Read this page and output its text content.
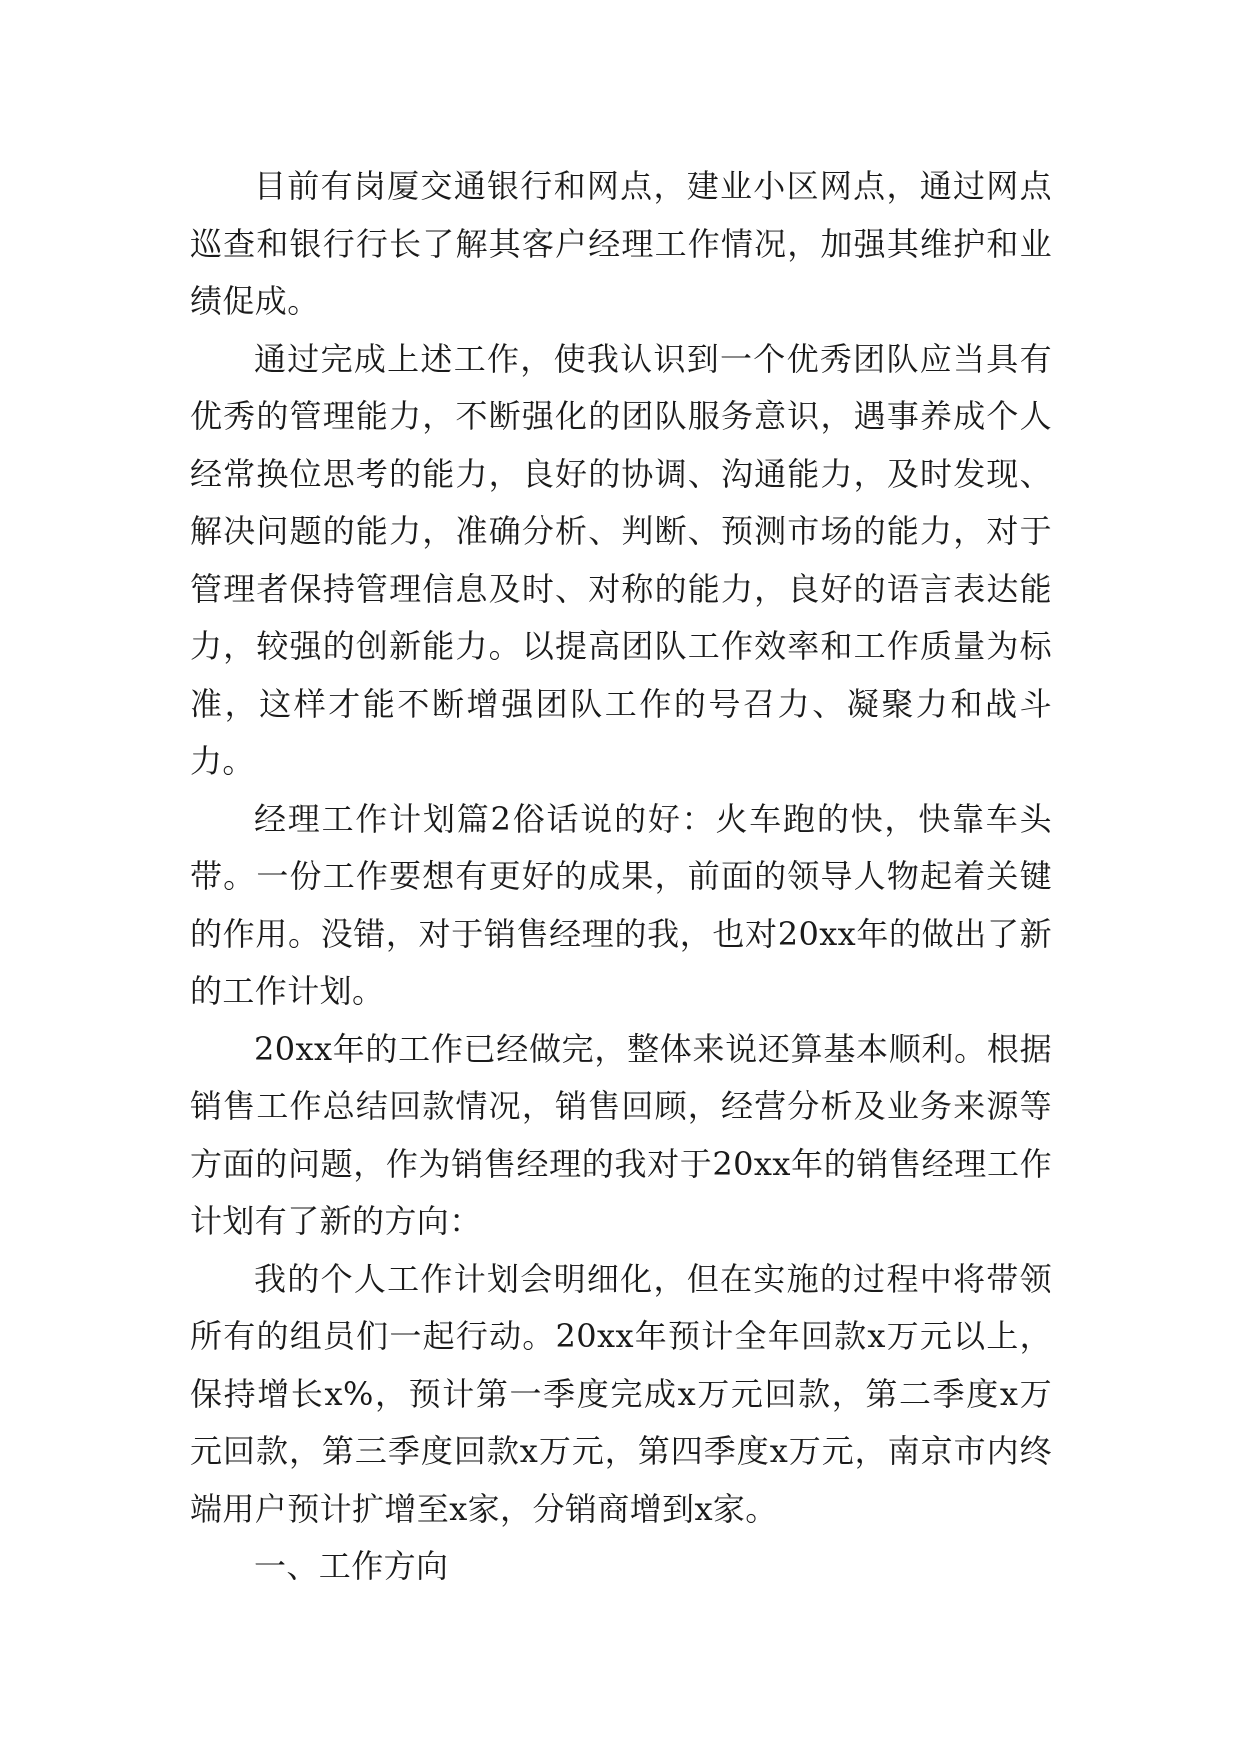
目前有岗厦交通银行和网点，建业小区网点，通过网点巡查和银行行长了解其客户经理工作情况，加强其维护和业绩促成。

通过完成上述工作，使我认识到一个优秀团队应当具有优秀的管理能力，不断强化的团队服务意识，遇事养成个人经常换位思考的能力，良好的协调、沟通能力，及时发现、解决问题的能力，准确分析、判断、预测市场的能力，对于管理者保持管理信息及时、对称的能力，良好的语言表达能力，较强的创新能力。以提高团队工作效率和工作质量为标准，这样才能不断增强团队工作的号召力、凝聚力和战斗力。

经理工作计划篇2俗话说的好：火车跑的快，快靠车头带。一份工作要想有更好的成果，前面的领导人物起着关键的作用。没错，对于销售经理的我，也对20xx年的做出了新的工作计划。

20xx年的工作已经做完，整体来说还算基本顺利。根据销售工作总结回款情况，销售回顾，经营分析及业务来源等方面的问题，作为销售经理的我对于20xx年的销售经理工作计划有了新的方向：

我的个人工作计划会明细化，但在实施的过程中将带领所有的组员们一起行动。20xx年预计全年回款x万元以上，保持增长x%，预计第一季度完成x万元回款，第二季度x万元回款，第三季度回款x万元，第四季度x万元，南京市内终端用户预计扩增至x家，分销商增到x家。

一、工作方向
